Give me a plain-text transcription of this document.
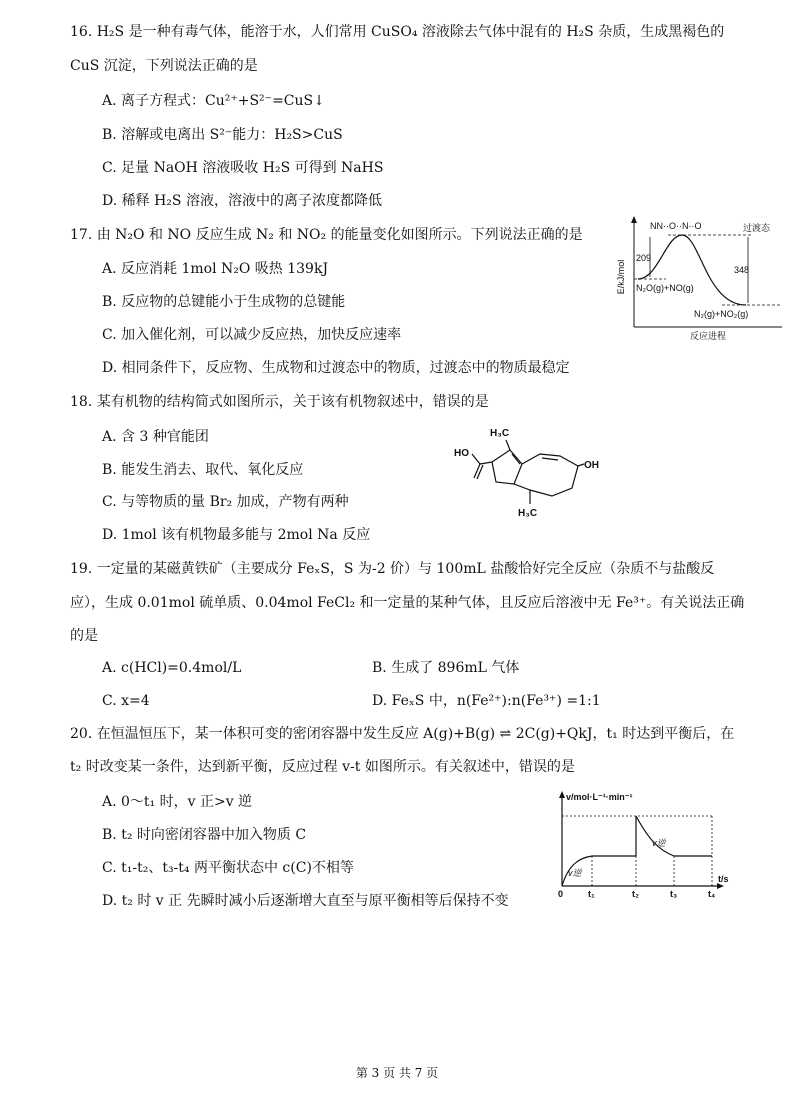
16. H₂S 是一种有毒气体，能溶于水，人们常用 CuSO₄ 溶液除去气体中混有的 H₂S 杂质，生成黑褐色的
CuS 沉淀，下列说法正确的是
A. 离子方程式：Cu²⁺+S²⁻=CuS↓
B. 溶解或电离出 S²⁻能力：H₂S>CuS
C. 足量 NaOH 溶液吸收 H₂S 可得到 NaHS
D. 稀释 H₂S 溶液，溶液中的离子浓度都降低
17. 由 N₂O 和 NO 反应生成 N₂ 和 NO₂ 的能量变化如图所示。下列说法正确的是
A. 反应消耗 1mol N₂O 吸热 139kJ
B. 反应物的总键能小于生成物的总键能
C. 加入催化剂，可以减少反应热，加快反应速率
D. 相同条件下，反应物、生成物和过渡态中的物质，过渡态中的物质最稳定
E/kJ/mol
反应进程
过渡态
NN··O··N··O
209
348
N₂O(g)+NO(g)
N₂(g)+NO₂(g)
18. 某有机物的结构简式如图所示，关于该有机物叙述中，错误的是
A. 含 3 种官能团
B. 能发生消去、取代、氧化反应
C. 与等物质的量 Br₂ 加成，产物有两种
D. 1mol 该有机物最多能与 2mol Na 反应
H₃C
HO
OH
H₃C
19. 一定量的某磁黄铁矿（主要成分 FeₓS，S 为-2 价）与 100mL 盐酸恰好完全反应（杂质不与盐酸反
应），生成 0.01mol 硫单质、0.04mol FeCl₂ 和一定量的某种气体，且反应后溶液中无 Fe³⁺。有关说法正确
的是
A. c(HCl)=0.4mol/L	B. 生成了 896mL 气体
C. x=4	D. FeₓS 中，n(Fe²⁺):n(Fe³⁺) =1:1
20. 在恒温恒压下，某一体积可变的密闭容器中发生反应 A(g)+B(g) ⇌ 2C(g)+QkJ，t₁ 时达到平衡后，在
t₂ 时改变某一条件，达到新平衡，反应过程 v-t 如图所示。有关叙述中，错误的是
A. 0～t₁ 时，v 正>v 逆
B. t₂ 时向密闭容器中加入物质 C
C. t₁-t₂、t₃-t₄ 两平衡状态中 c(C)不相等
D. t₂ 时 v 正 先瞬时减小后逐渐增大直至与原平衡相等后保持不变
v/mol·L⁻¹·min⁻¹
t/s
v逆
v逆
0	t₁	t₂	t₃	t₄
第 3 页 共 7 页
